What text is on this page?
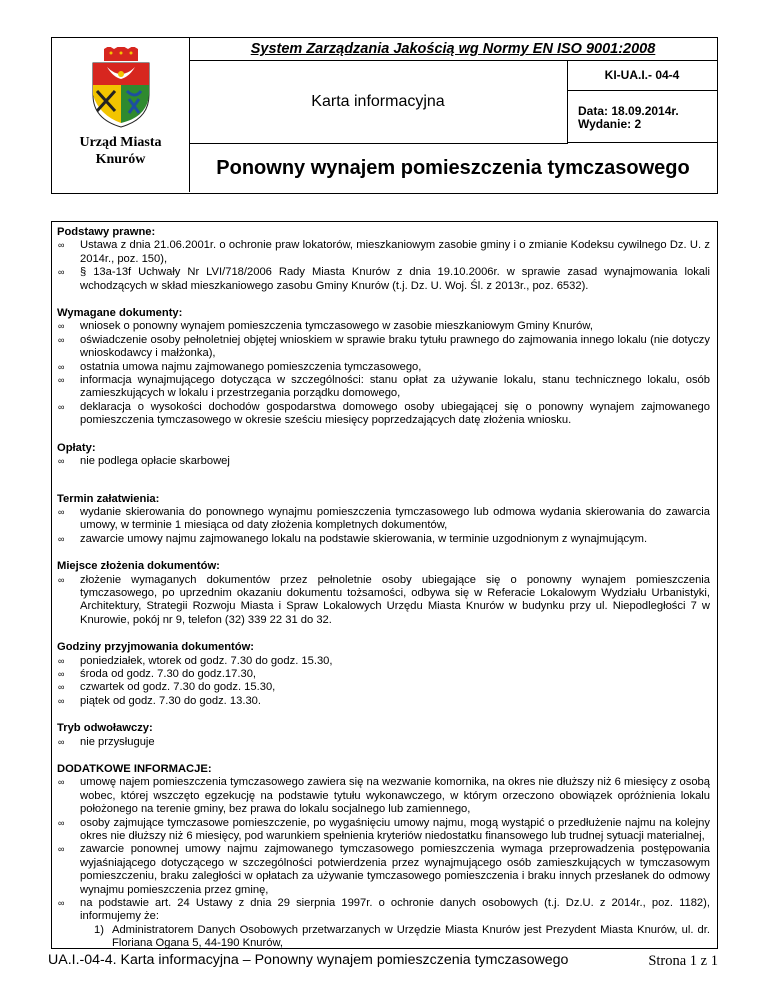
Urząd Miasta
Knurów
System Zarządzania Jakością wg Normy EN ISO 9001:2008
Karta informacyjna
KI-UA.I.- 04-4
Data: 18.09.2014r.
Wydanie: 2
Ponowny wynajem pomieszczenia tymczasowego
Podstawy prawne:
∞ Ustawa z dnia 21.06.2001r. o ochronie praw lokatorów, mieszkaniowym zasobie gminy i o zmianie Kodeksu cywilnego Dz. U. z 2014r., poz. 150),
∞ § 13a-13f Uchwały Nr LVI/718/2006 Rady Miasta Knurów z dnia 19.10.2006r. w sprawie zasad wynajmowania lokali wchodzących w skład mieszkaniowego zasobu Gminy Knurów (t.j. Dz. U. Woj. Śl. z 2013r., poz. 6532).
Wymagane dokumenty:
∞ wniosek o ponowny wynajem pomieszczenia tymczasowego w zasobie mieszkaniowym Gminy Knurów,
∞ oświadczenie osoby pełnoletniej objętej wnioskiem w sprawie braku tytułu prawnego do zajmowania innego lokalu (nie dotyczy wnioskodawcy i małżonka),
∞ ostatnia umowa najmu zajmowanego pomieszczenia tymczasowego,
∞ informacja wynajmującego dotycząca w szczególności: stanu opłat za używanie lokalu, stanu technicznego lokalu, osób zamieszkujących w lokalu i przestrzegania porządku domowego,
∞ deklaracja o wysokości dochodów gospodarstwa domowego osoby ubiegającej się o ponowny wynajem zajmowanego pomieszczenia tymczasowego w okresie sześciu miesięcy poprzedzających datę złożenia wniosku.
Opłaty:
∞ nie podlega opłacie skarbowej
Termin załatwienia:
∞ wydanie skierowania do ponownego wynajmu pomieszczenia tymczasowego lub odmowa wydania skierowania do zawarcia umowy, w terminie 1 miesiąca od daty złożenia kompletnych dokumentów,
∞ zawarcie umowy najmu zajmowanego lokalu na podstawie skierowania, w terminie uzgodnionym z wynajmującym.
Miejsce złożenia dokumentów:
∞ złożenie wymaganych dokumentów przez pełnoletnie osoby ubiegające się o ponowny wynajem pomieszczenia tymczasowego, po uprzednim okazaniu dokumentu tożsamości, odbywa się w Referacie Lokalowym Wydziału Urbanistyki, Architektury, Strategii Rozwoju Miasta i Spraw Lokalowych Urzędu Miasta Knurów w budynku przy ul. Niepodległości 7 w Knurowie, pokój nr 9, telefon (32) 339 22 31 do 32.
Godziny przyjmowania dokumentów:
∞ poniedziałek, wtorek od godz. 7.30 do godz. 15.30,
∞ środa od godz. 7.30 do godz.17.30,
∞ czwartek od godz. 7.30 do godz. 15.30,
∞ piątek od godz. 7.30 do godz. 13.30.
Tryb odwoławczy:
∞ nie przysługuje
DODATKOWE INFORMACJE:
∞ umowę najem pomieszczenia tymczasowego zawiera się na wezwanie komornika, na okres nie dłuższy niż 6 miesięcy z osobą wobec, której wszczęto egzekucję na podstawie tytułu wykonawczego, w którym orzeczono obowiązek opróżnienia lokalu położonego na terenie gminy, bez prawa do lokalu socjalnego lub zamiennego,
∞ osoby zajmujące tymczasowe pomieszczenie, po wygaśnięciu umowy najmu, mogą wystąpić o przedłużenie najmu na kolejny okres nie dłuższy niż 6 miesięcy, pod warunkiem spełnienia kryteriów niedostatku finansowego lub trudnej sytuacji materialnej,
∞ zawarcie ponownej umowy najmu zajmowanego tymczasowego pomieszczenia wymaga przeprowadzenia postępowania wyjaśniającego dotyczącego w szczególności potwierdzenia przez wynajmującego osób zamieszkujących w tymczasowym pomieszczeniu, braku zaległości w opłatach za używanie tymczasowego pomieszczenia i braku innych przesłanek do odmowy wynajmu pomieszczenia przez gminę,
∞ na podstawie art. 24 Ustawy z dnia 29 sierpnia 1997r. o ochronie danych osobowych (t.j. Dz.U. z 2014r., poz. 1182), informujemy że:
1) Administratorem Danych Osobowych przetwarzanych w Urzędzie Miasta Knurów jest Prezydent Miasta Knurów, ul. dr. Floriana Ogana 5, 44-190 Knurów,
UA.I.-04-4. Karta informacyjna – Ponowny wynajem pomieszczenia tymczasowego	Strona 1 z 1
